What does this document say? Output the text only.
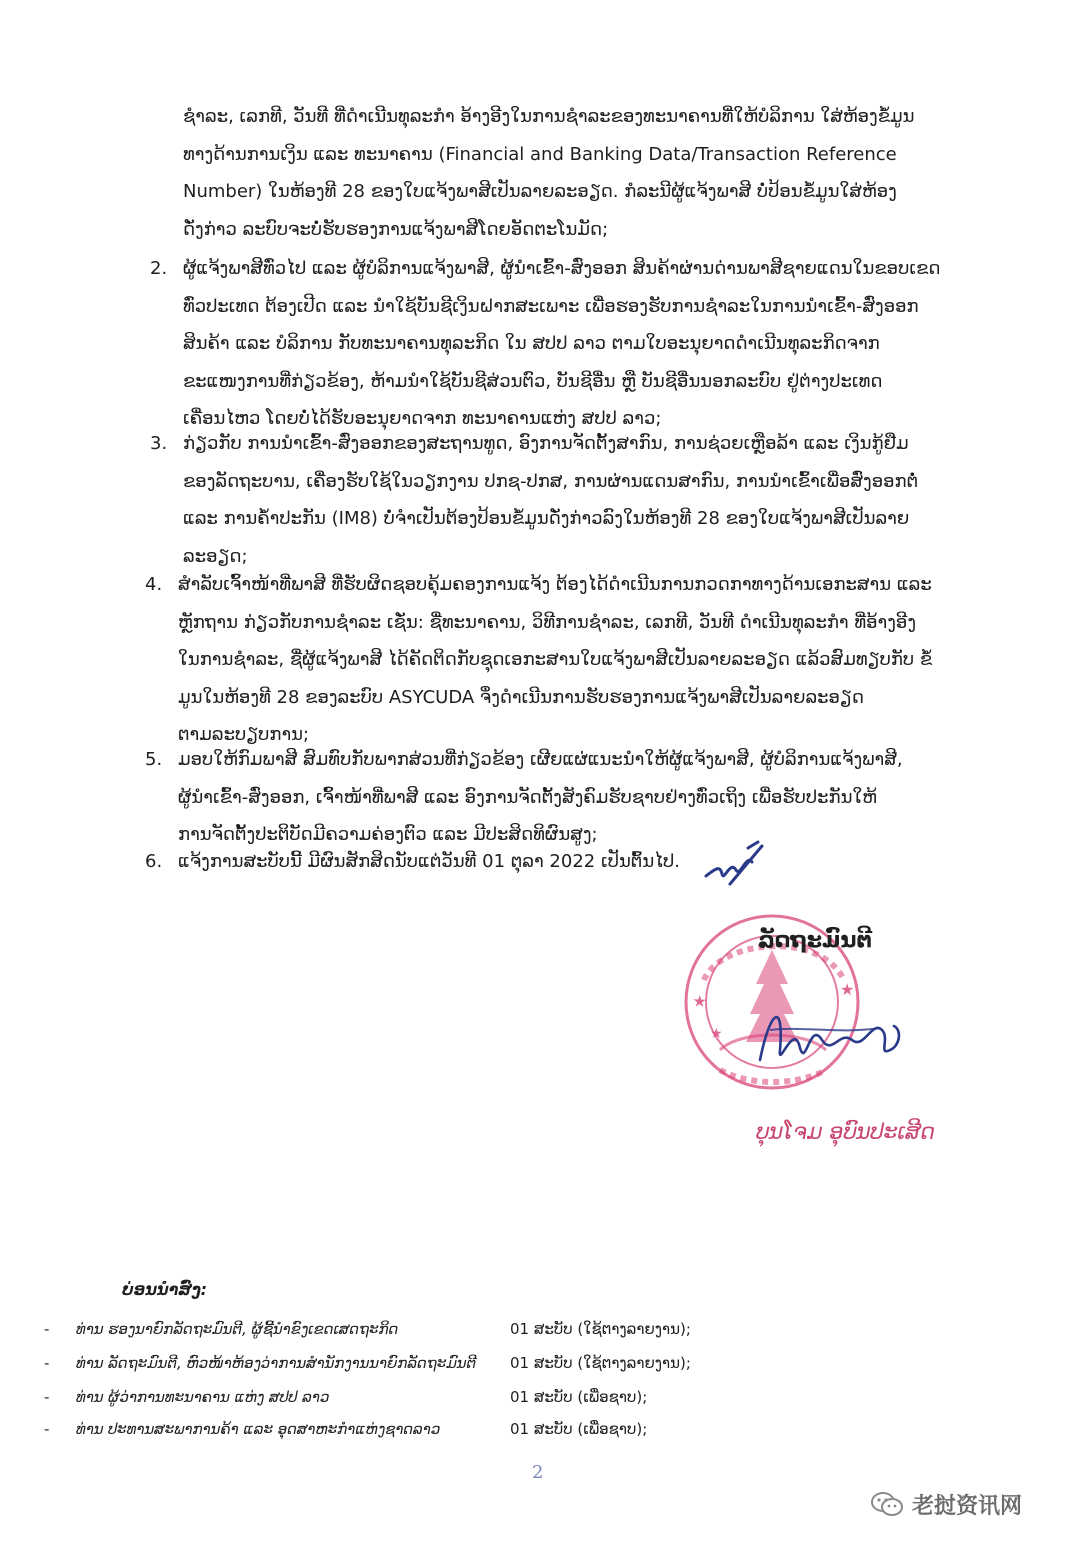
ຊໍາລະ, ເລກທີ, ວັນທີ ທີ່ດໍາເນີນທຸລະກໍາ ອ້າງອີງໃນການຊໍາລະຂອງທະນາຄານທີ່ໃຫ້ບໍລິການ ໃສ່ຫ້ອງຂໍ້ມູນ
ທາງດ້ານການເງິນ ແລະ ທະນາຄານ (Financial and Banking Data/Transaction Reference
Number) ໃນຫ້ອງທີ 28 ຂອງໃບແຈ້ງພາສີເປັນລາຍລະອຽດ. ກໍລະນີຜູ້ແຈ້ງພາສີ ບໍ່ປ້ອນຂໍ້ມູນໃສ່ຫ້ອງ
ດັ່ງກ່າວ ລະບົບຈະບໍ່ຮັບຮອງການແຈ້ງພາສີໂດຍອັດຕະໂນມັດ;
2. ຜູ້ແຈ້ງພາສີທົ່ວໄປ ແລະ ຜູ້ບໍລິການແຈ້ງພາສີ, ຜູ້ນໍາເຂົ້າ-ສົ່ງອອກ ສິນຄ້າຜ່ານດ່ານພາສີຊາຍແດນໃນຂອບເຂດ
ທົ່ວປະເທດ ຕ້ອງເປີດ ແລະ ນໍາໃຊ້ບັນຊີເງິນຝາກສະເພາະ ເພື່ອຮອງຮັບການຊໍາລະໃນການນໍາເຂົ້າ-ສົ່ງອອກ
ສິນຄ້າ ແລະ ບໍລິການ ກັບທະນາຄານທຸລະກິດ ໃນ ສປປ ລາວ ຕາມໃບອະນຸຍາດດໍາເນີນທຸລະກິດຈາກ
ຂະແໜງການທີ່ກ່ຽວຂ້ອງ, ຫ້າມນໍາໃຊ້ບັນຊີສ່ວນຕົວ, ບັນຊີອື່ນ ຫຼື ບັນຊີອື່ນນອກລະບົບ ຢູ່ຕ່າງປະເທດ
ເຄື່ອນໄຫວ ໂດຍບໍ່ໄດ້ຮັບອະນຸຍາດຈາກ ທະນາຄານແຫ່ງ ສປປ ລາວ;
3. ກ່ຽວກັບ ການນໍາເຂົ້າ-ສົ່ງອອກຂອງສະຖານທູດ, ອົງການຈັດຕັ້ງສາກົນ, ການຊ່ວຍເຫຼືອລ້າ ແລະ ເງິນກູ້ຢືມ
ຂອງລັດຖະບານ, ເຄື່ອງຮັບໃຊ້ໃນວຽກງານ ປກຊ-ປກສ, ການຜ່ານແດນສາກົນ, ການນໍາເຂົ້າເພື່ອສົ່ງອອກຕໍ່
ແລະ ການຄໍ້າປະກັນ (IM8) ບໍ່ຈໍາເປັນຕ້ອງປ້ອນຂໍ້ມູນດັ່ງກ່າວລົງໃນຫ້ອງທີ 28 ຂອງໃບແຈ້ງພາສີເປັນລາຍ
ລະອຽດ;
4. ສໍາລັບເຈົ້າໜ້າທີ່ພາສີ ທີ່ຮັບຜິດຊອບຄຸ້ມຄອງການແຈ້ງ ຕ້ອງໄດ້ດໍາເນີນການກວດກາທາງດ້ານເອກະສານ ແລະ
ຫຼັກຖານ ກ່ຽວກັບການຊໍາລະ ເຊັ່ນ: ຊື່ທະນາຄານ, ວິທີການຊໍາລະ, ເລກທີ, ວັນທີ ດໍາເນີນທຸລະກໍາ ທີ່ອ້າງອີງ
ໃນການຊໍາລະ, ຊື່ຜູ້ແຈ້ງພາສີ ໄດ້ຄັດຕິດກັບຊຸດເອກະສານໃບແຈ້ງພາສີເປັນລາຍລະອຽດ ແລ້ວສົມທຽບກັບ ຂໍ້
ມູນໃນຫ້ອງທີ 28 ຂອງລະບົບ ASYCUDA ຈຶ່ງດໍາເນີນການຮັບຮອງການແຈ້ງພາສີເປັນລາຍລະອຽດ
ຕາມລະບຽບການ;
5. ມອບໃຫ້ກົມພາສີ ສົມທົບກັບພາກສ່ວນທີ່ກ່ຽວຂ້ອງ ເຜີຍແຜ່ແນະນໍາໃຫ້ຜູ້ແຈ້ງພາສີ, ຜູ້ບໍລິການແຈ້ງພາສີ,
ຜູ້ນໍາເຂົ້າ-ສົ່ງອອກ, ເຈົ້າໜ້າທີ່ພາສີ ແລະ ອົງການຈັດຕັ້ງສັງຄົມຮັບຊາບຢ່າງທົ່ວເຖິງ ເພື່ອຮັບປະກັນໃຫ້
ການຈັດຕັ້ງປະຕິບັດມີຄວາມຄ່ອງຕົວ ແລະ ມີປະສິດທິຜົນສູງ;
6. ແຈ້ງການສະບັບນີ້ ມີຜົນສັກສິດນັບແຕ່ວັນທີ 01 ຕຸລາ 2022 ເປັນຕົ້ນໄປ.
★
★
★
ລັດຖະມົນຕີ
ບຸນໂຈມ ອຸບົນປະເສີດ
ບ່ອນນໍາສົ່ງ:
- ທ່ານ ຮອງນາຍົກລັດຖະມົນຕີ, ຜູ້ຊີ້ນໍາຂົງເຂດເສດຖະກິດ	01 ສະບັບ (ໃຊ້ຕາງລາຍງານ);
- ທ່ານ ລັດຖະມົນຕີ, ຫົວໜ້າຫ້ອງວ່າການສໍານັກງານນາຍົກລັດຖະມົນຕີ 01 ສະບັບ (ໃຊ້ຕາງລາຍງານ);
- ທ່ານ ຜູ້ວ່າການທະນາຄານ ແຫ່ງ ສປປ ລາວ	01 ສະບັບ (ເພື່ອຊາບ);
- ທ່ານ ປະທານສະພາການຄ້າ ແລະ ອຸດສາຫະກໍາແຫ່ງຊາດລາວ	01 ສະບັບ (ເພື່ອຊາບ);
2
老挝资讯网
